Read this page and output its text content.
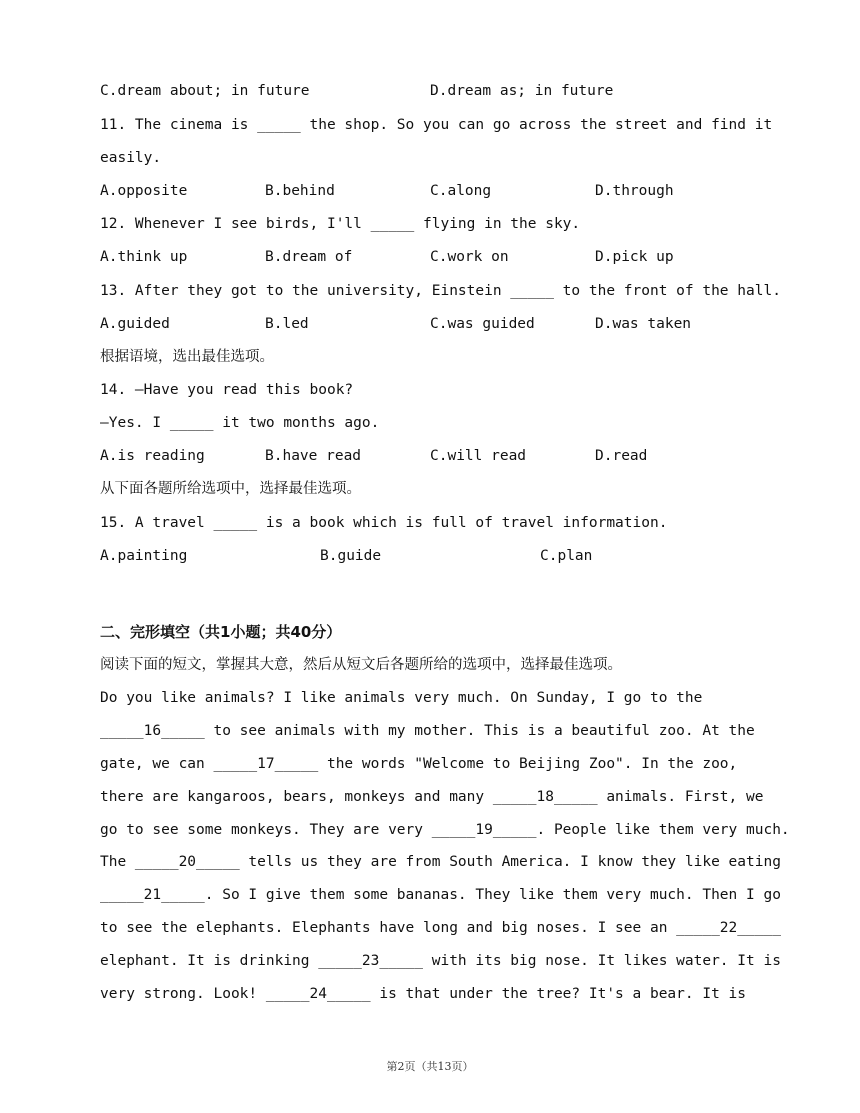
C.dream about; in future	D.dream as; in future
11. The cinema is _____ the shop. So you can go across the street and find it
easily.
A.opposite	B.behind	C.along	D.through
12. Whenever I see birds, I'll _____ flying in the sky.
A.think up	B.dream of	C.work on	D.pick up
13. After they got to the university, Einstein _____ to the front of the hall.
A.guided	B.led	C.was guided	D.was taken
根据语境，选出最佳选项。
14. —Have you read this book?
—Yes. I _____ it two months ago.
A.is reading	B.have read	C.will read	D.read
从下面各题所给选项中，选择最佳选项。
15. A travel _____ is a book which is full of travel information.
A.painting	B.guide	C.plan
二、完形填空（共1小题；共40分）
阅读下面的短文，掌握其大意，然后从短文后各题所给的选项中，选择最佳选项。
Do you like animals? I like animals very much. On Sunday, I go to the
_____16_____ to see animals with my mother. This is a beautiful zoo. At the
gate, we can _____17_____ the words "Welcome to Beijing Zoo". In the zoo,
there are kangaroos, bears, monkeys and many _____18_____ animals. First, we
go to see some monkeys. They are very _____19_____. People like them very much.
The _____20_____ tells us they are from South America. I know they like eating
_____21_____. So I give them some bananas. They like them very much. Then I go
to see the elephants. Elephants have long and big noses. I see an _____22_____
elephant. It is drinking _____23_____ with its big nose. It likes water. It is
very strong. Look! _____24_____ is that under the tree? It's a bear. It is
第2页（共13页）
